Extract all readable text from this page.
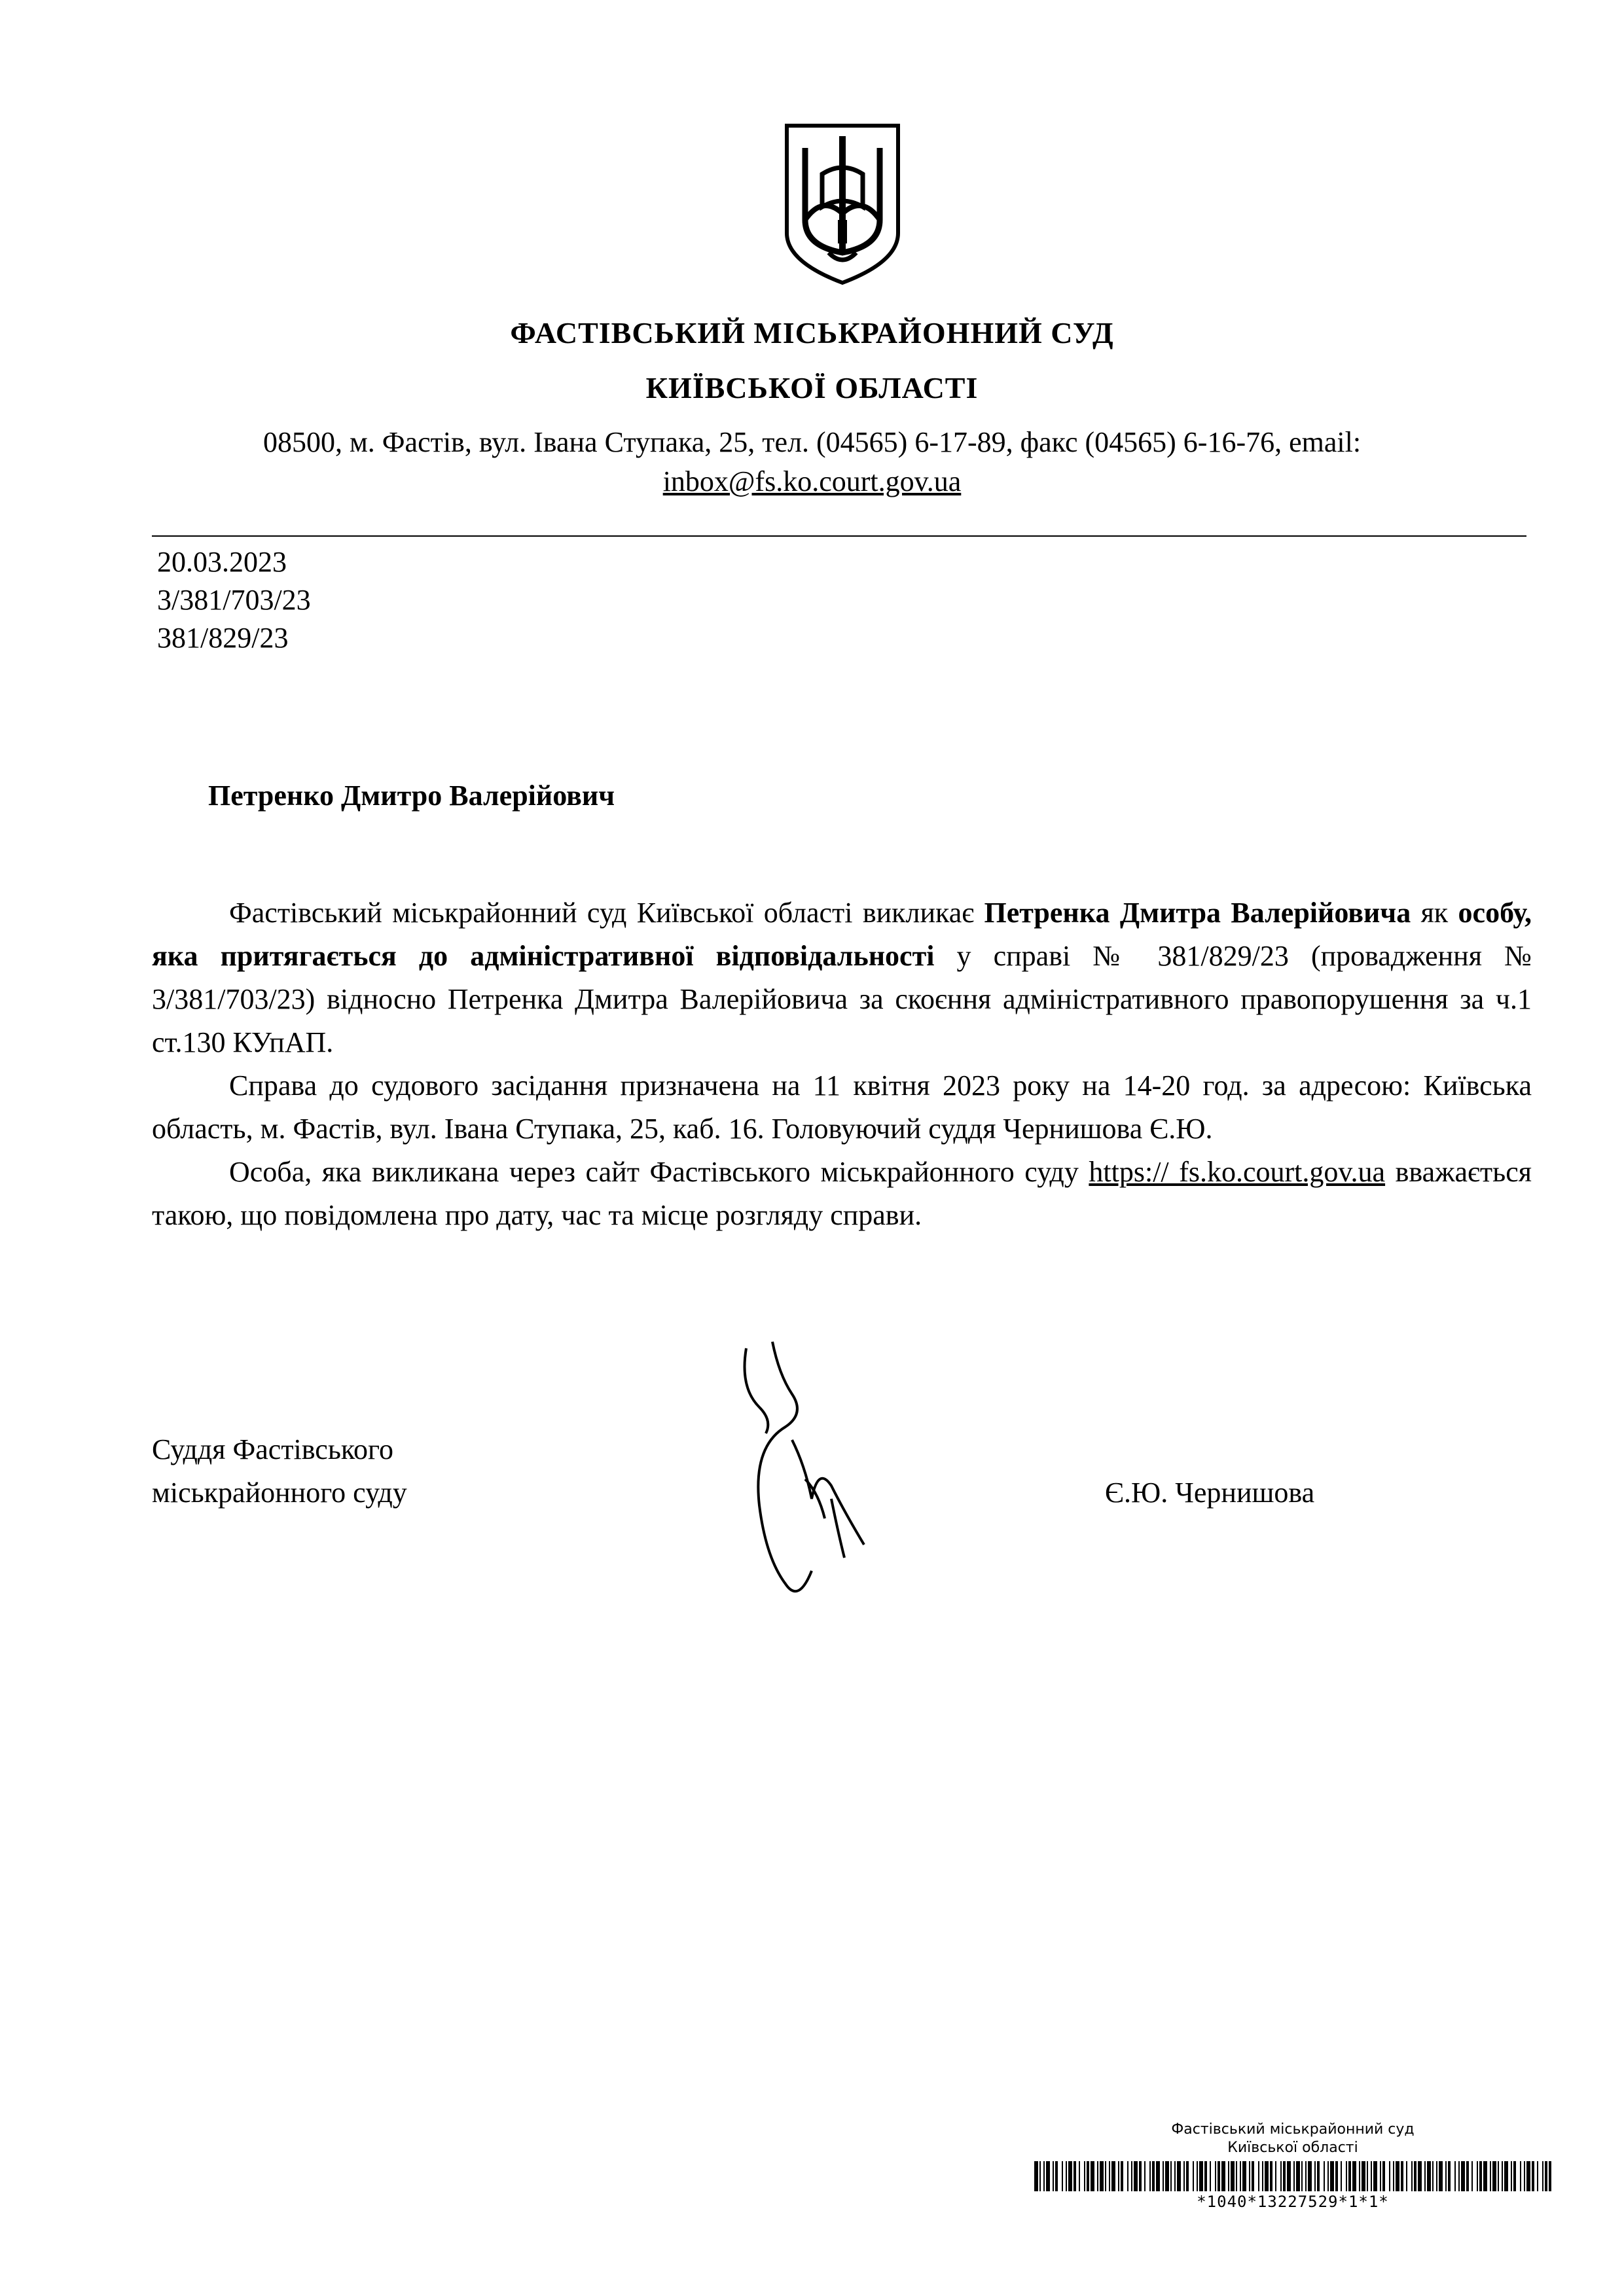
ФАСТІВСЬКИЙ МІСЬКРАЙОННИЙ СУД
КИЇВСЬКОЇ ОБЛАСТІ
08500, м. Фастів, вул. Івана Ступака, 25, тел. (04565) 6-17-89, факс (04565) 6-16-76, email:
inbox@fs.ko.court.gov.ua
20.03.2023
3/381/703/23
381/829/23
Петренко Дмитро Валерійович

Фастівський міськрайонний суд Київської області викликає Петренка Дмитра Валерійовича як особу, яка притягається до адміністративної відповідальності у справі № 381/829/23 (провадження № 3/381/703/23) відносно Петренка Дмитра Валерійовича за скоєння адміністративного правопорушення за ч.1 ст.130 КУпАП.

Справа до судового засідання призначена на 11 квітня 2023 року на 14-20 год. за адресою: Київська область, м. Фастів, вул. Івана Ступака, 25, каб. 16. Головуючий суддя Чернишова Є.Ю.

Особа, яка викликана через сайт Фастівського міськрайонного суду https:// fs.ko.court.gov.ua вважається такою, що повідомлена про дату, час та місце розгляду справи.

Суддя Фастівського
міськрайонного суду	Є.Ю. Чернишова
Фастівський міськрайонний суд
Київської області
*1040*13227529*1*1*
